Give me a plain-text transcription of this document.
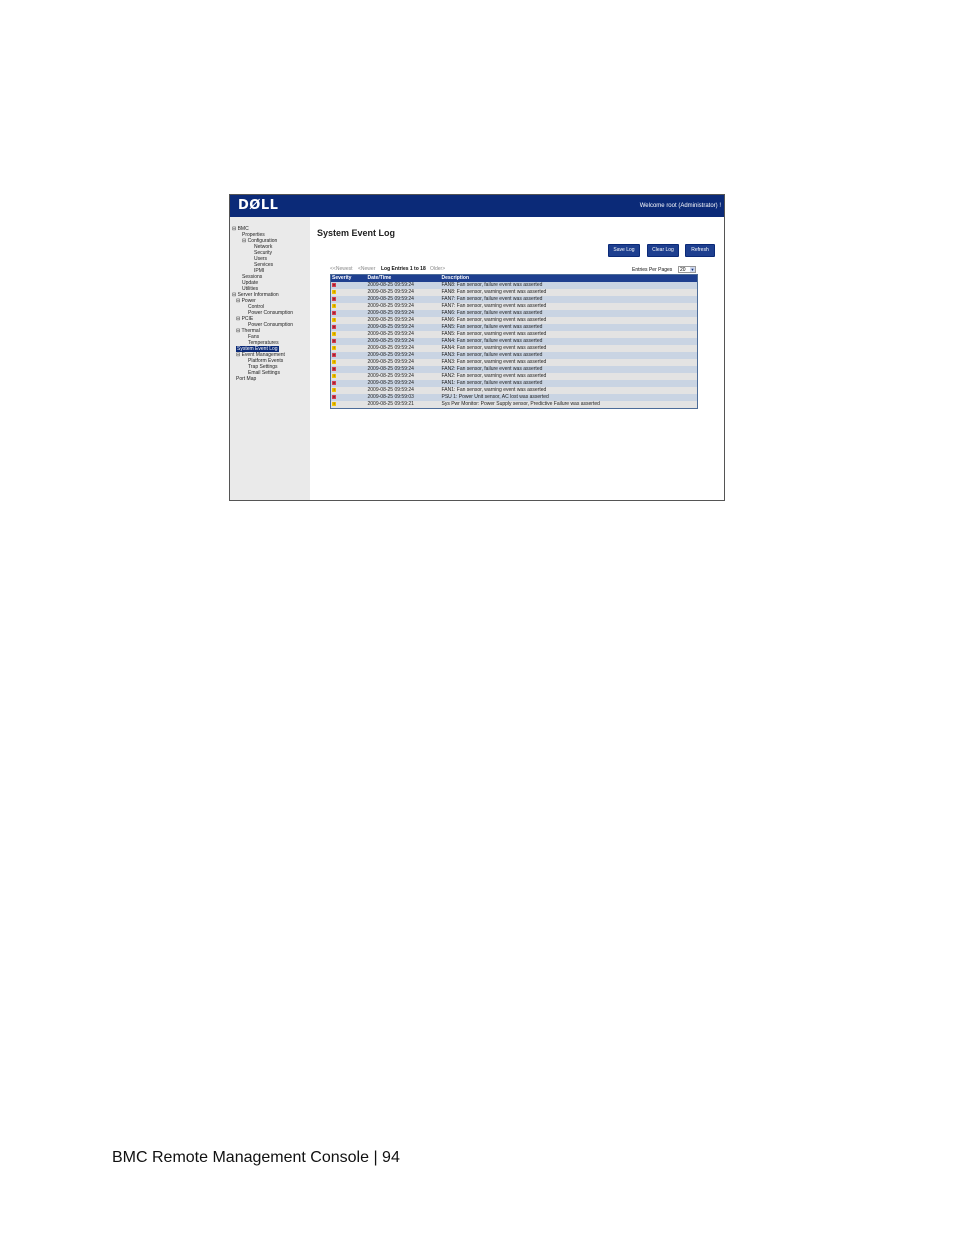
DØLL	Welcome root (Administrator) !
⊟ BMC
Properties
⊟ Configuration
Network
Security
Users
Services
IPMI
Sessions
Update
Utilities
⊟ Server Information
⊟ Power
Control
Power Consumption
⊟ PCIE
Power Consumption
⊟ Thermal
Fans
Temperatures
System Event Log
⊟ Event Management
Platform Events
Trap Settings
Email Settings
Port Map
System Event Log
Save Log	Clear Log	Refresh
<<Newest <Newer Log Entries 1 to 18 Older>	Entries Per Pages	20 ▼
Severity	Date/Time	Description
×	2009-08-25 09:59:24	FAN8: Fan sensor, failure event was asserted
!	2009-08-25 09:59:24	FAN8: Fan sensor, warning event was asserted
×	2009-08-25 09:59:24	FAN7: Fan sensor, failure event was asserted
!	2009-08-25 09:59:24	FAN7: Fan sensor, warning event was asserted
×	2009-08-25 09:59:24	FAN6: Fan sensor, failure event was asserted
!	2009-08-25 09:59:24	FAN6: Fan sensor, warning event was asserted
×	2009-08-25 09:59:24	FAN5: Fan sensor, failure event was asserted
!	2009-08-25 09:59:24	FAN5: Fan sensor, warning event was asserted
×	2009-08-25 09:59:24	FAN4: Fan sensor, failure event was asserted
!	2009-08-25 09:59:24	FAN4: Fan sensor, warning event was asserted
×	2009-08-25 09:59:24	FAN3: Fan sensor, failure event was asserted
!	2009-08-25 09:59:24	FAN3: Fan sensor, warning event was asserted
×	2009-08-25 09:59:24	FAN2: Fan sensor, failure event was asserted
!	2009-08-25 09:59:24	FAN2: Fan sensor, warning event was asserted
×	2009-08-25 09:59:24	FAN1: Fan sensor, failure event was asserted
!	2009-08-25 09:59:24	FAN1: Fan sensor, warning event was asserted
×	2009-08-25 09:59:03	PSU 1: Power Unit sensor, AC lost was asserted
!	2009-08-25 09:59:21	Sys Pwr Monitor: Power Supply sensor, Predictive Failure was asserted
BMC Remote Management Console | 94
